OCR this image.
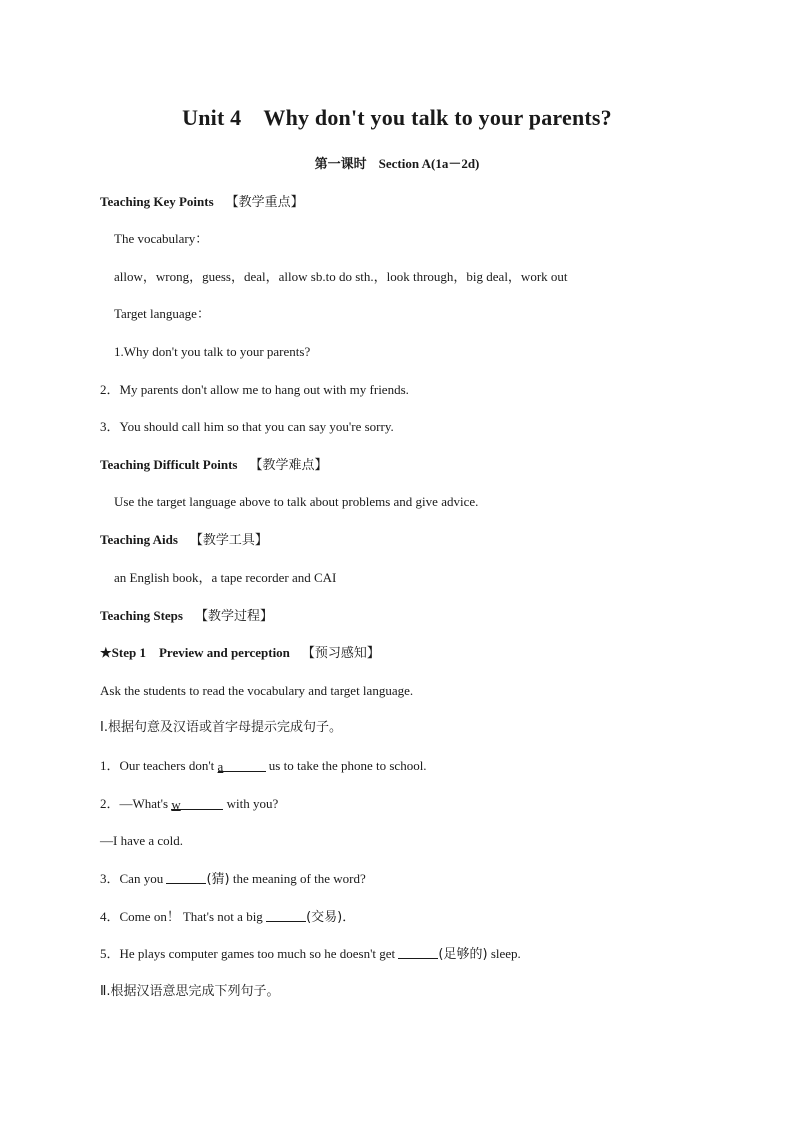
Unit 4 Why don't you talk to your parents?
第一课时 Section A(1a－2d)
Teaching Key Points 【教学重点】
The vocabulary：
allow，wrong，guess，deal，allow sb.to do sth.，look through，big deal，work out
Target language：
1.Why don't you talk to your parents?
2．My parents don't allow me to hang out with my friends.
3．You should call him so that you can say you're sorry.
Teaching Difficult Points 【教学难点】
Use the target language above to talk about problems and give advice.
Teaching Aids 【教学工具】
an English book，a tape recorder and CAI
Teaching Steps 【教学过程】
★Step 1　Preview and perception 【预习感知】
Ask the students to read the vocabulary and target language.
Ⅰ.根据句意及汉语或首字母提示完成句子。
1．Our teachers don't a	us to take the phone to school.
2．—What's w	with you?
—I have a cold.
3．Can you	(猜) the meaning of the word?
4．Come on！ That's not a big	(交易)．
5．He plays computer games too much so he doesn't get	(足够的) sleep.
Ⅱ.根据汉语意思完成下列句子。
